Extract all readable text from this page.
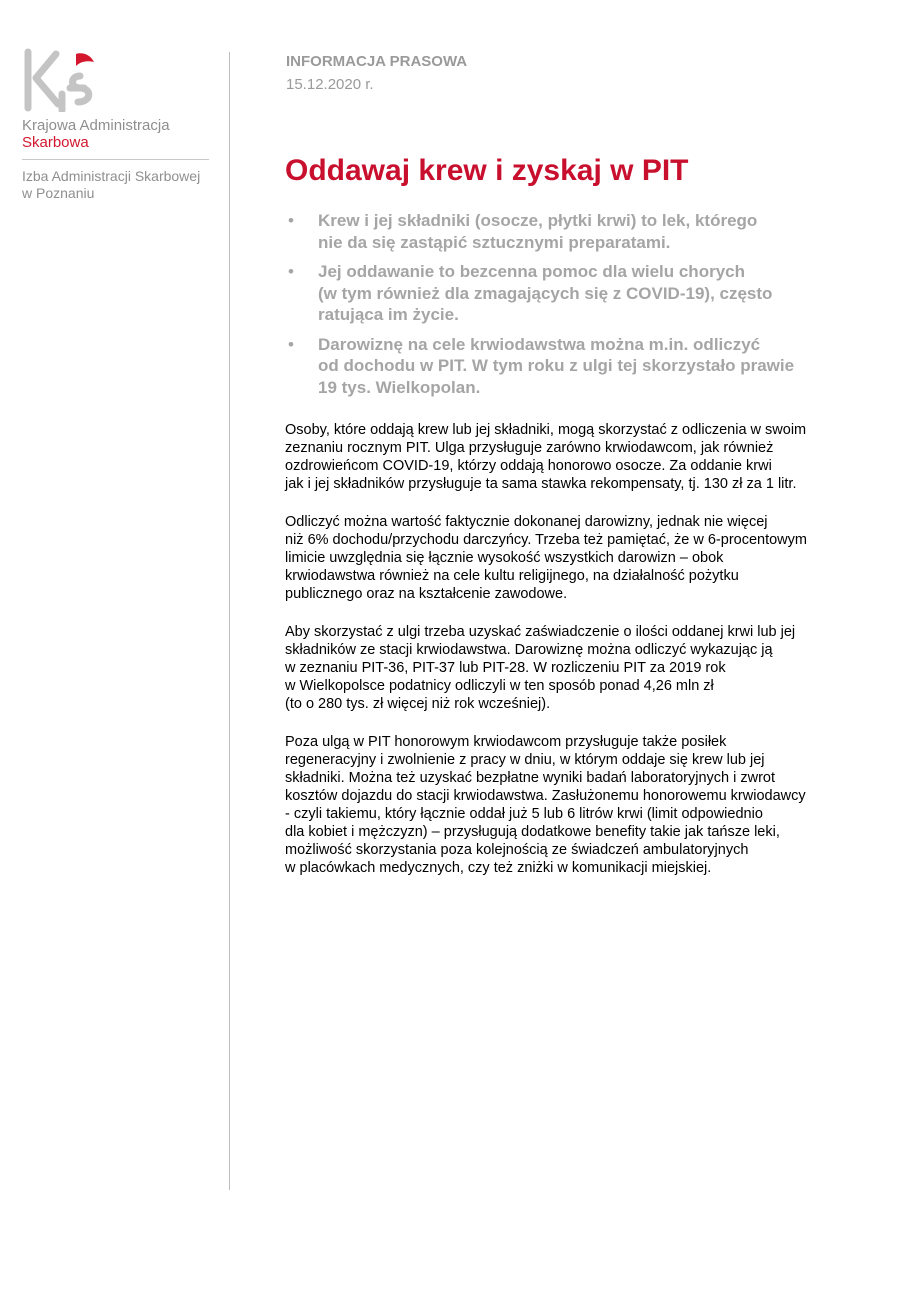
Krajowa Administracja
Skarbowa
Izba Administracji Skarbowej
w Poznaniu
INFORMACJA PRASOWA
15.12.2020 r.
Oddawaj krew i zyskaj w PIT
• Krew i jej składniki (osocze, płytki krwi) to lek, którego
nie da się zastąpić sztucznymi preparatami.
• Jej oddawanie to bezcenna pomoc dla wielu chorych
(w tym również dla zmagających się z COVID-19), często
ratująca im życie.
• Darowiznę na cele krwiodawstwa można m.in. odliczyć
od dochodu w PIT. W tym roku z ulgi tej skorzystało prawie
19 tys. Wielkopolan.

Osoby, które oddają krew lub jej składniki, mogą skorzystać z odliczenia w swoim
zeznaniu rocznym PIT. Ulga przysługuje zarówno krwiodawcom, jak również
ozdrowieńcom COVID-19, którzy oddają honorowo osocze. Za oddanie krwi
jak i jej składników przysługuje ta sama stawka rekompensaty, tj. 130 zł za 1 litr.

Odliczyć można wartość faktycznie dokonanej darowizny, jednak nie więcej
niż 6% dochodu/przychodu darczyńcy. Trzeba też pamiętać, że w 6-procentowym
limicie uwzględnia się łącznie wysokość wszystkich darowizn – obok
krwiodawstwa również na cele kultu religijnego, na działalność pożytku
publicznego oraz na kształcenie zawodowe.

Aby skorzystać z ulgi trzeba uzyskać zaświadczenie o ilości oddanej krwi lub jej
składników ze stacji krwiodawstwa. Darowiznę można odliczyć wykazując ją
w zeznaniu PIT-36, PIT-37 lub PIT-28. W rozliczeniu PIT za 2019 rok
w Wielkopolsce podatnicy odliczyli w ten sposób ponad 4,26 mln zł
(to o 280 tys. zł więcej niż rok wcześniej).

Poza ulgą w PIT honorowym krwiodawcom przysługuje także posiłek
regeneracyjny i zwolnienie z pracy w dniu, w którym oddaje się krew lub jej
składniki. Można też uzyskać bezpłatne wyniki badań laboratoryjnych i zwrot
kosztów dojazdu do stacji krwiodawstwa. Zasłużonemu honorowemu krwiodawcy
- czyli takiemu, który łącznie oddał już 5 lub 6 litrów krwi (limit odpowiednio
dla kobiet i mężczyzn) – przysługują dodatkowe benefity takie jak tańsze leki,
możliwość skorzystania poza kolejnością ze świadczeń ambulatoryjnych
w placówkach medycznych, czy też zniżki w komunikacji miejskiej.
